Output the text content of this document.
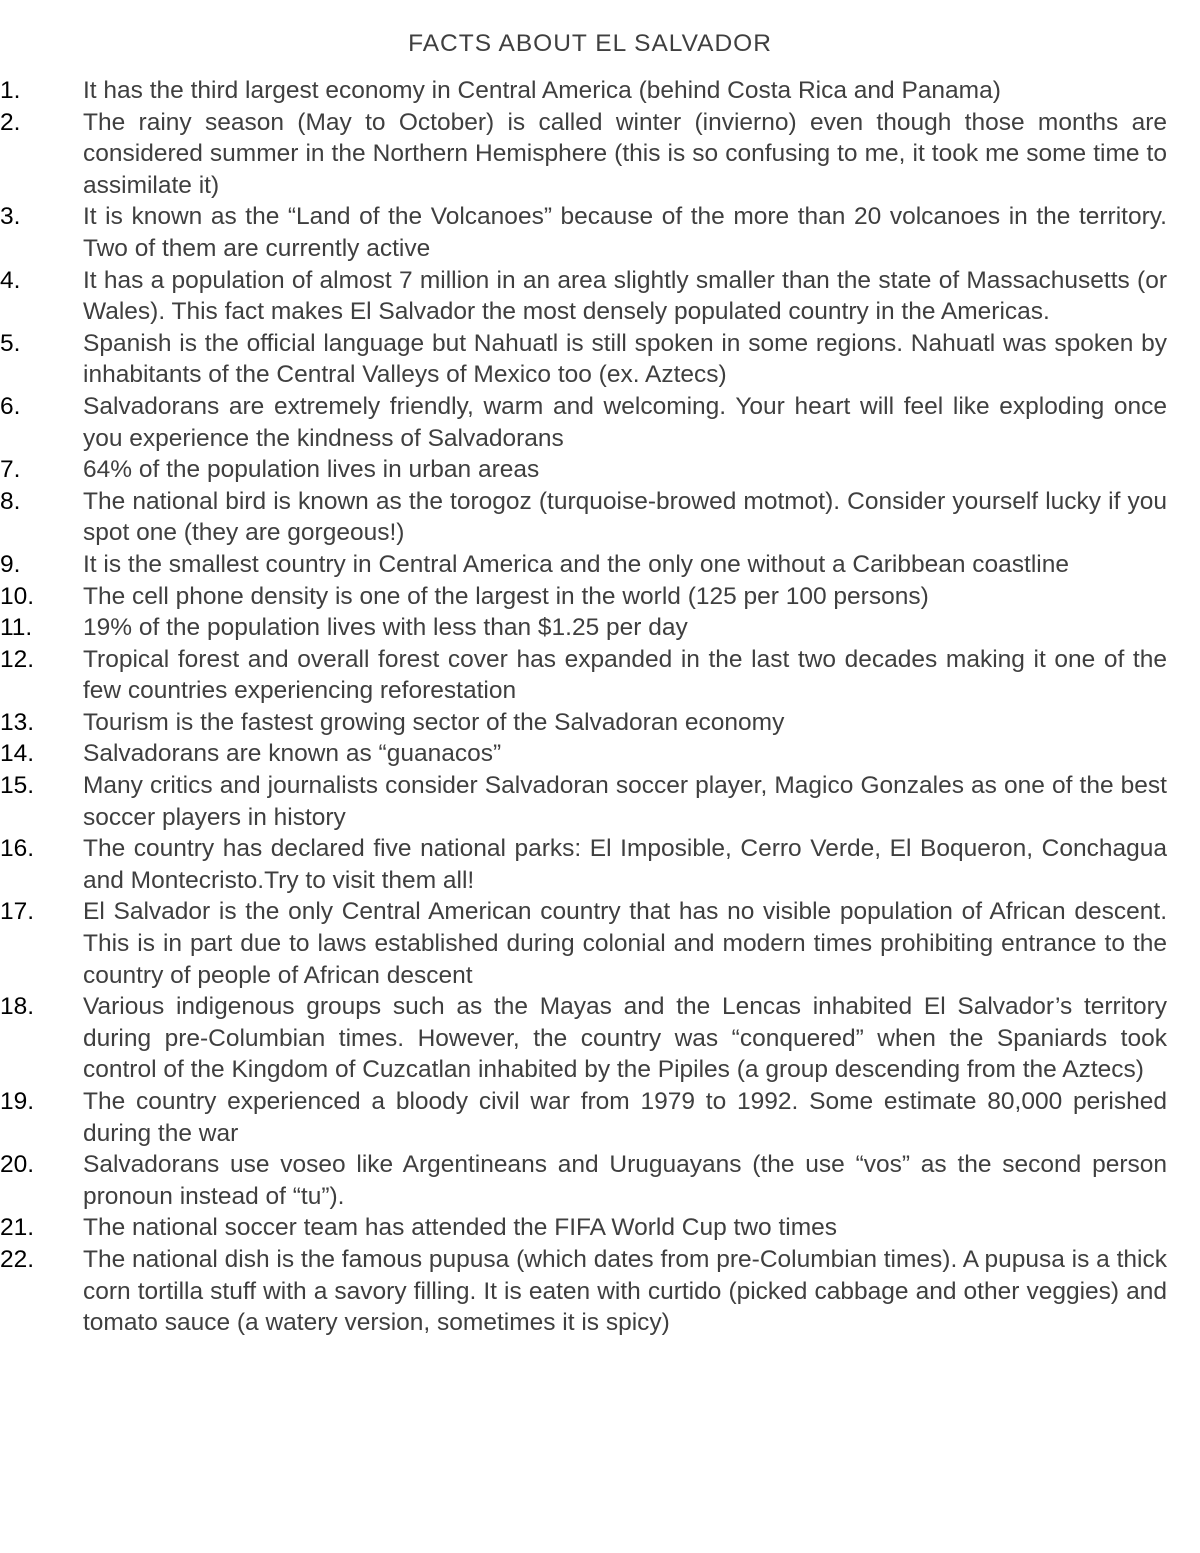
FACTS ABOUT EL SALVADOR
1.	It has the third largest economy in Central America (behind Costa Rica and Panama)
2.	The rainy season (May to October) is called winter (invierno) even though those months are considered summer in the Northern Hemisphere (this is so confusing to me, it took me some time to assimilate it)
3.	It is known as the “Land of the Volcanoes” because of the more than 20 volcanoes in the territory. Two of them are currently active
4.	It has a population of almost 7 million in an area slightly smaller than the state of Massachusetts (or Wales). This fact makes El Salvador the most densely populated country in the Americas.
5.	Spanish is the official language but Nahuatl is still spoken in some regions. Nahuatl was spoken by inhabitants of the Central Valleys of Mexico too (ex. Aztecs)
6.	Salvadorans are extremely friendly, warm and welcoming. Your heart will feel like exploding once you experience the kindness of Salvadorans
7.	64% of the population lives in urban areas
8.	The national bird is known as the torogoz (turquoise-browed motmot). Consider yourself lucky if you spot one (they are gorgeous!)
9.	It is the smallest country in Central America and the only one without a Caribbean coastline
10.	The cell phone density is one of the largest in the world (125 per 100 persons)
11.	19% of the population lives with less than $1.25 per day
12.	Tropical forest and overall forest cover has expanded in the last two decades making it one of the few countries experiencing reforestation
13.	Tourism is the fastest growing sector of the Salvadoran economy
14.	Salvadorans are known as “guanacos”
15.	Many critics and journalists consider Salvadoran soccer player, Magico Gonzales as one of the best soccer players in history
16.	The country has declared five national parks: El Imposible, Cerro Verde, El Boqueron, Conchagua and Montecristo.Try to visit them all!
17.	El Salvador is the only Central American country that has no visible population of African descent. This is in part due to laws established during colonial and modern times prohibiting entrance to the country of people of African descent
18.	Various indigenous groups such as the Mayas and the Lencas inhabited El Salvador’s territory during pre-Columbian times. However, the country was “conquered” when the Spaniards took control of the Kingdom of Cuzcatlan inhabited by the Pipiles (a group descending from the Aztecs)
19.	The country experienced a bloody civil war from 1979 to 1992. Some estimate 80,000 perished during the war
20.	Salvadorans use voseo like Argentineans and Uruguayans (the use “vos” as the second person pronoun instead of “tu”).
21.	The national soccer team has attended the FIFA World Cup two times
22.	The national dish is the famous pupusa (which dates from pre-Columbian times). A pupusa is a thick corn tortilla stuff with a savory filling. It is eaten with curtido (picked cabbage and other veggies) and tomato sauce (a watery version, sometimes it is spicy)
